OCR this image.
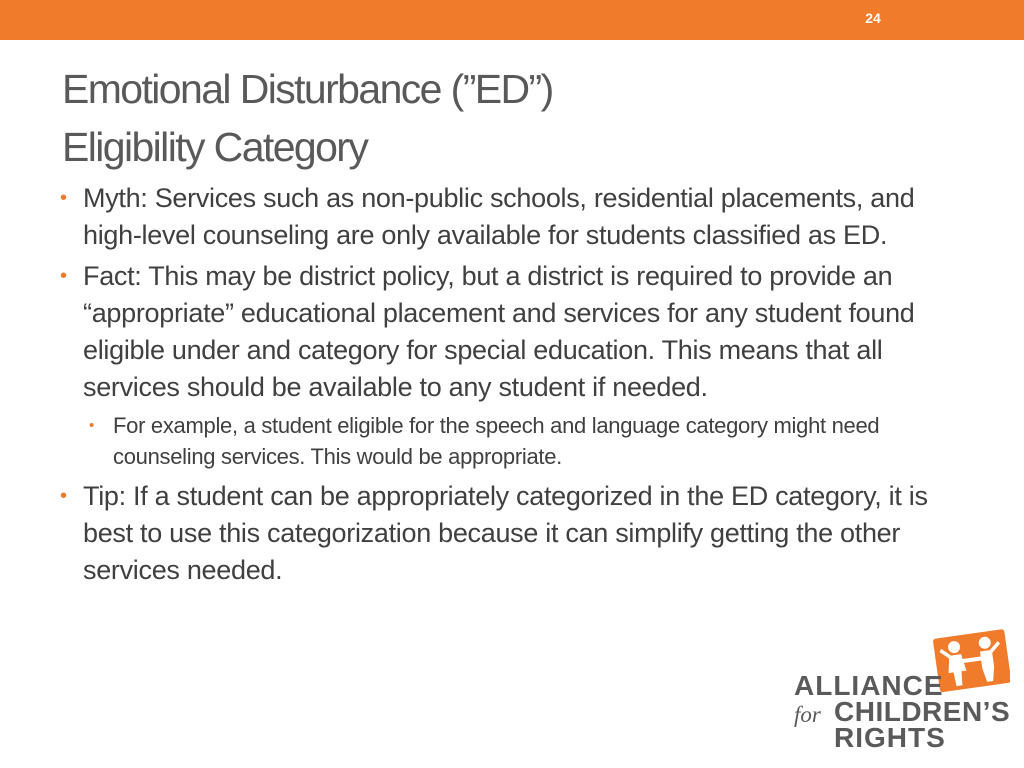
24
Emotional Disturbance (”ED”)
Eligibility Category
• Myth: Services such as non-public schools, residential placements, and high-level counseling are only available for students classified as ED.
• Fact: This may be district policy, but a district is required to provide an “appropriate” educational placement and services for any student found eligible under and category for special education. This means that all services should be available to any student if needed.
• For example, a student eligible for the speech and language category might need counseling services. This would be appropriate.
• Tip: If a student can be appropriately categorized in the ED category, it is best to use this categorization because it can simplify getting the other services needed.
ALLIANCE
for CHILDREN’S
RIGHTS
